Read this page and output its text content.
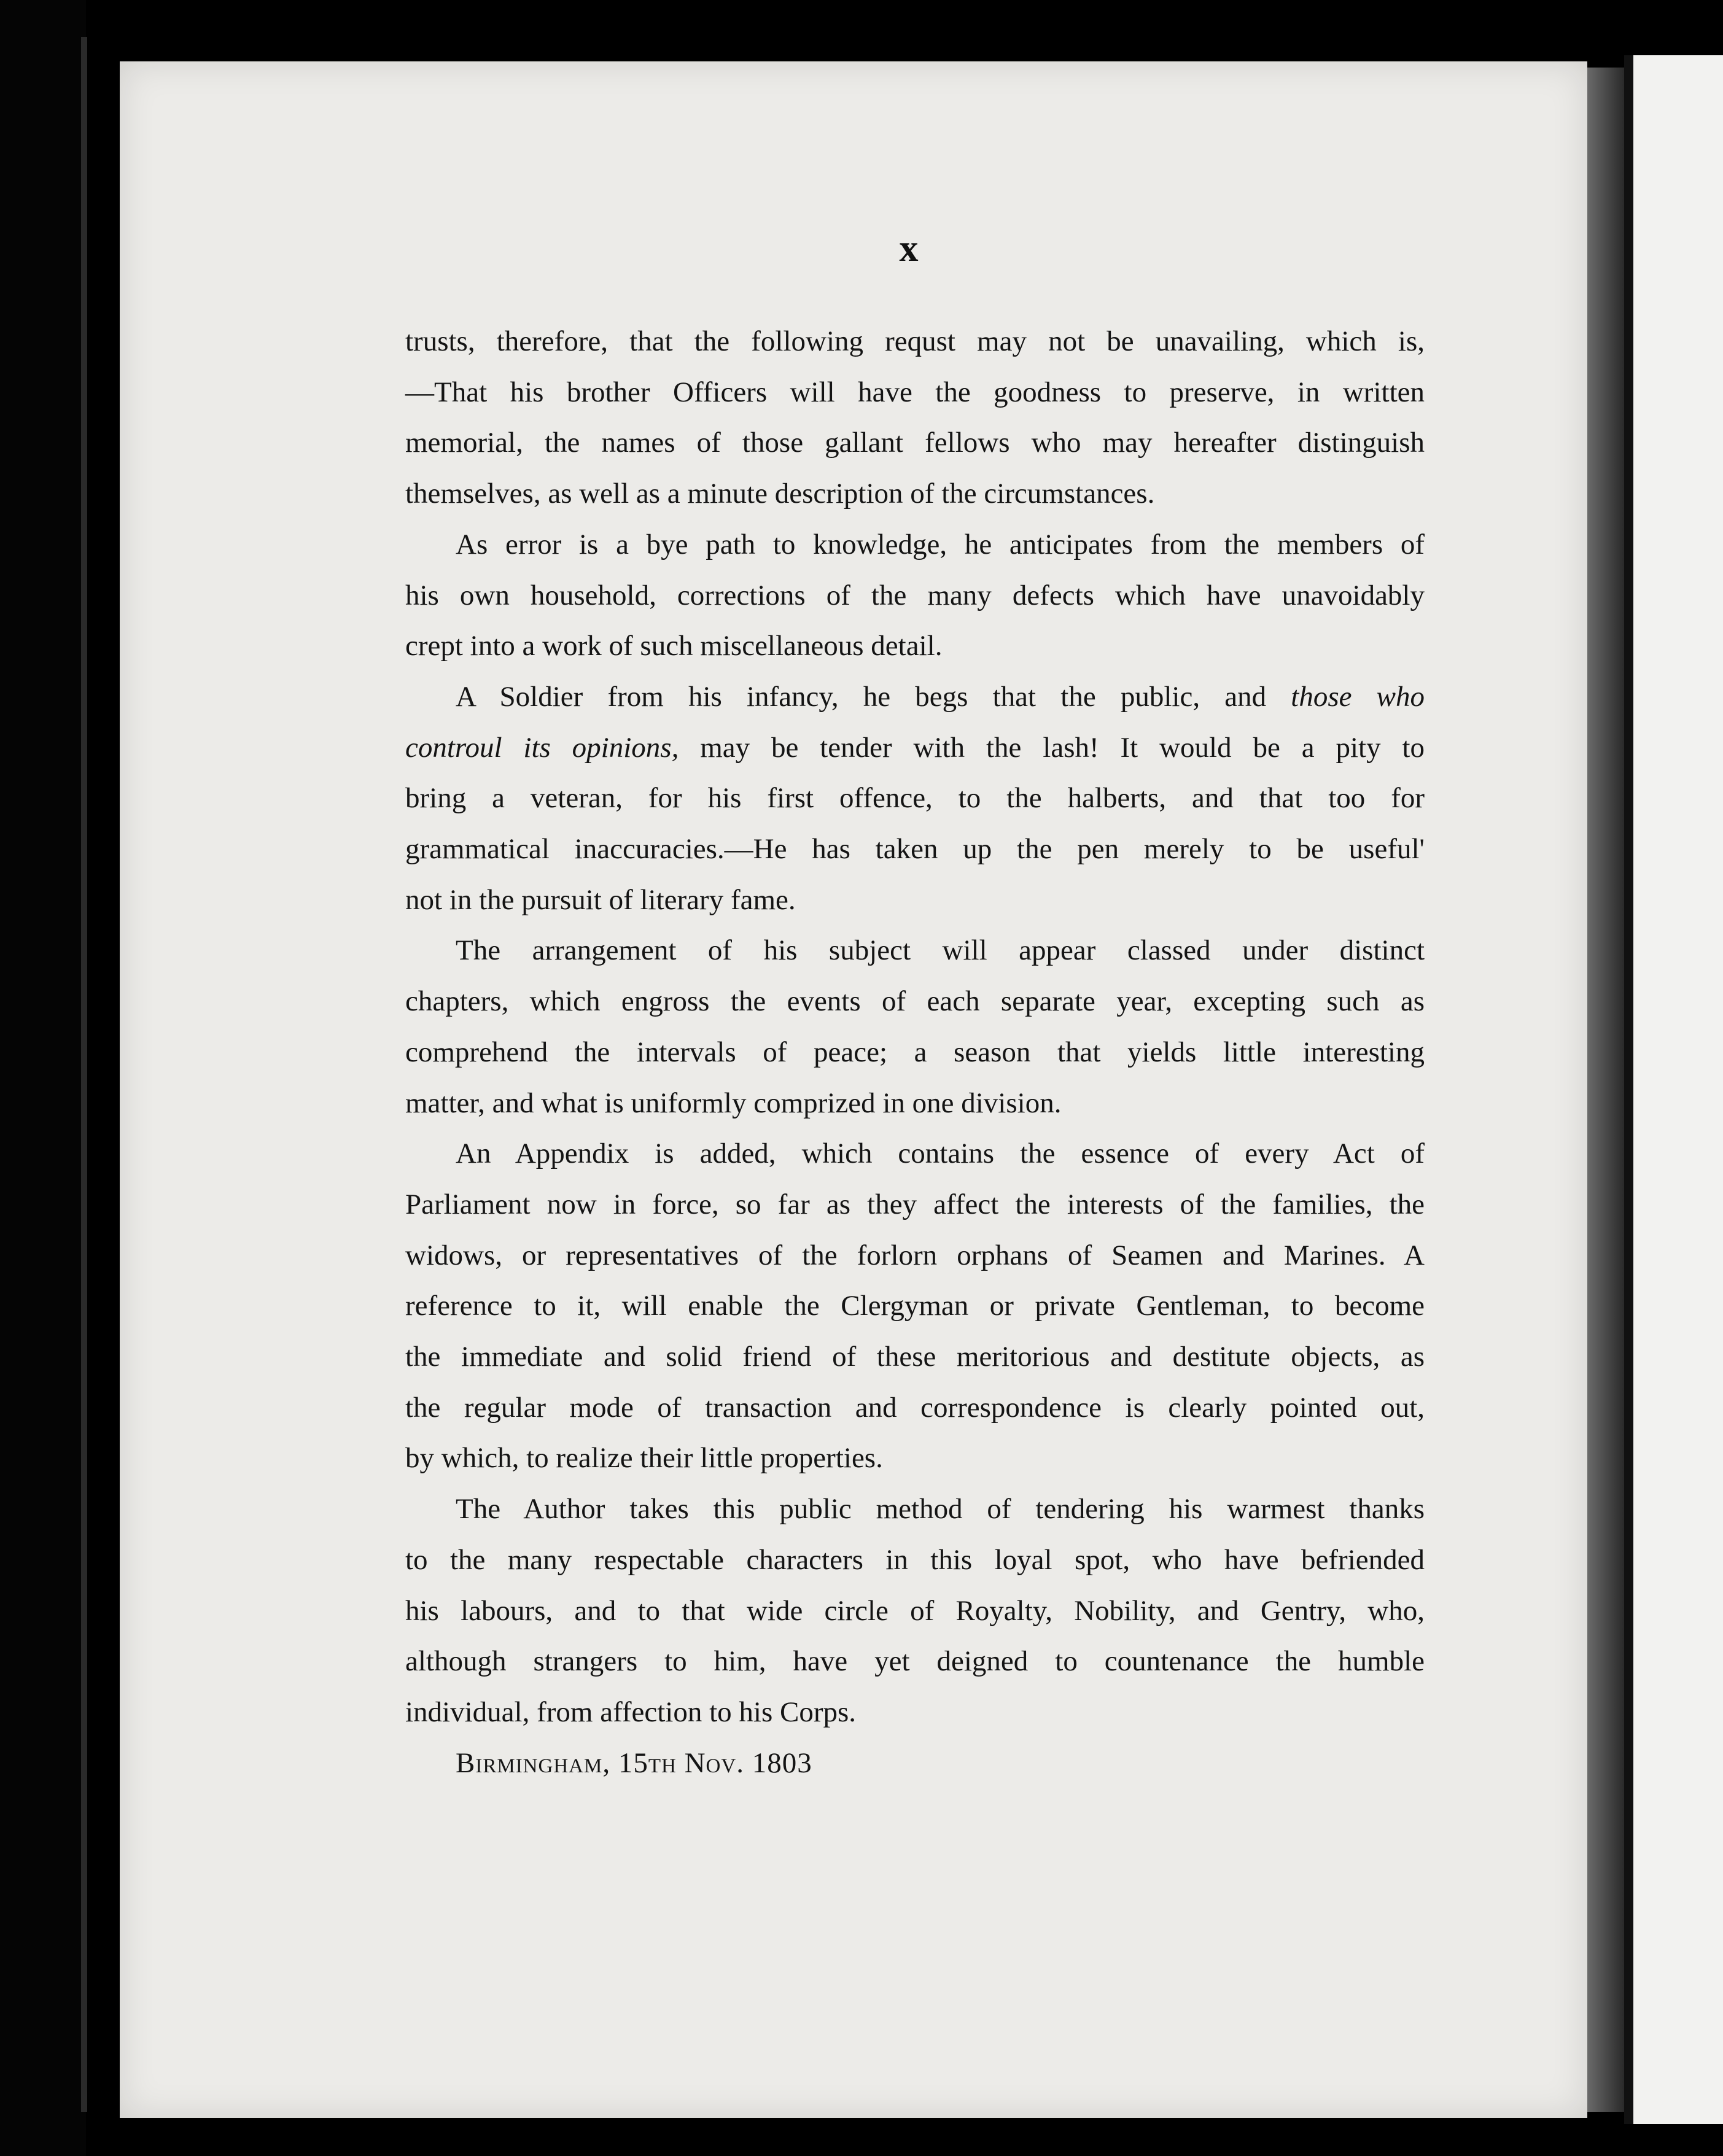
x

trusts, therefore, that the following requst may not be unavailing, which is,
—That his brother Officers will have the goodness to preserve, in written
memorial, the names of those gallant fellows who may hereafter distinguish
themselves, as well as a minute description of the circumstances.

As error is a bye path to knowledge, he anticipates from the members of
his own household, corrections of the many defects which have unavoidably
crept into a work of such miscellaneous detail.

A Soldier from his infancy, he begs that the public, and those who
controul its opinions, may be tender with the lash! It would be a pity to
bring a veteran, for his first offence, to the halberts, and that too for
grammatical inaccuracies.—He has taken up the pen merely to be useful'
not in the pursuit of literary fame.

The arrangement of his subject will appear classed under distinct
chapters, which engross the events of each separate year, excepting such as
comprehend the intervals of peace; a season that yields little interesting
matter, and what is uniformly comprized in one division.

An Appendix is added, which contains the essence of every Act of
Parliament now in force, so far as they affect the interests of the families, the
widows, or representatives of the forlorn orphans of Seamen and Marines. A
reference to it, will enable the Clergyman or private Gentleman, to become
the immediate and solid friend of these meritorious and destitute objects, as
the regular mode of transaction and correspondence is clearly pointed out,
by which, to realize their little properties.

The Author takes this public method of tendering his warmest thanks
to the many respectable characters in this loyal spot, who have befriended
his labours, and to that wide circle of Royalty, Nobility, and Gentry, who,
although strangers to him, have yet deigned to countenance the humble
individual, from affection to his Corps.

Birmingham, 15th Nov. 1803
